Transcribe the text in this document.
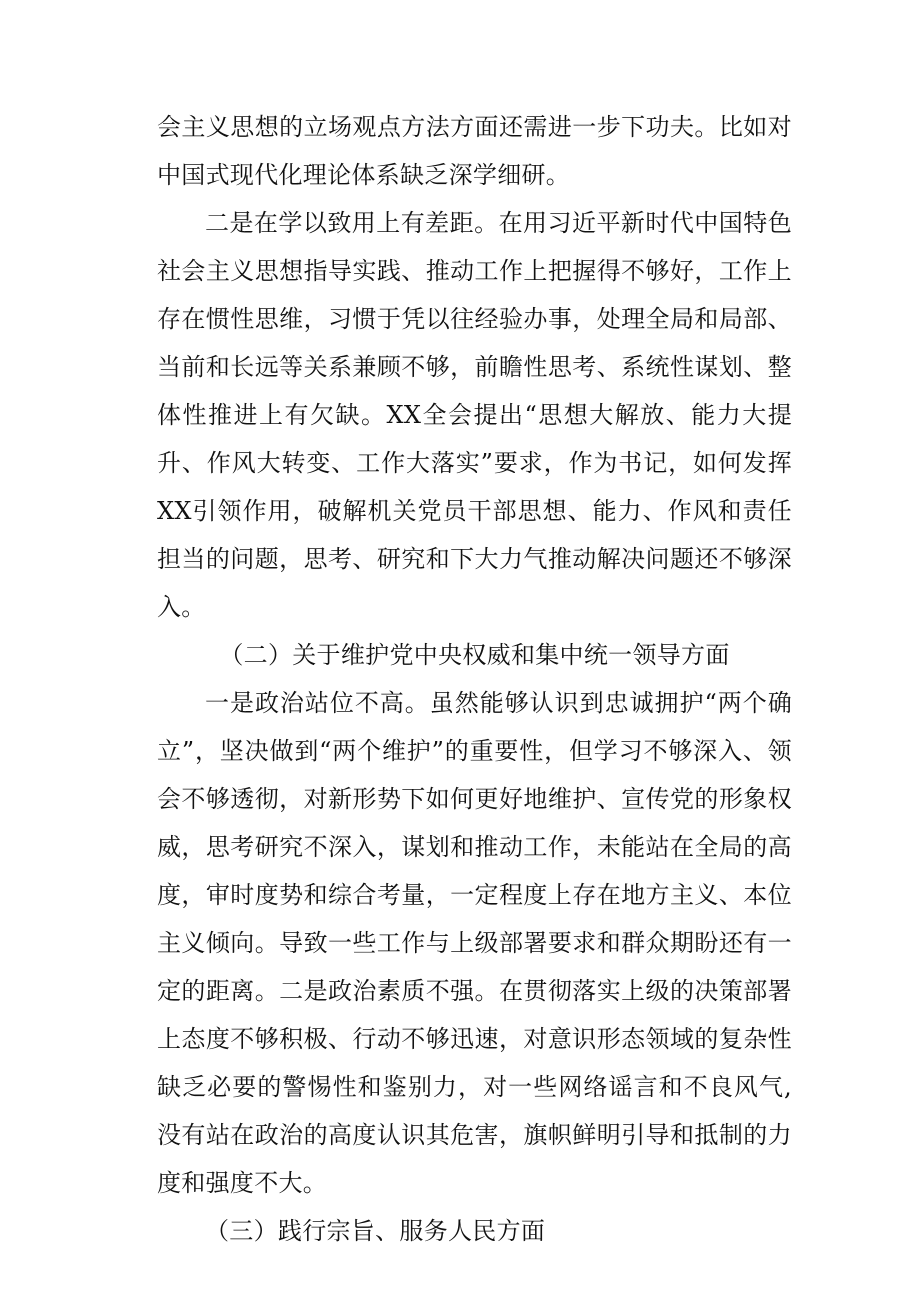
会主义思想的立场观点方法方面还需进一步下功夫。比如对中国式现代化理论体系缺乏深学细研。

二是在学以致用上有差距。在用习近平新时代中国特色社会主义思想指导实践、推动工作上把握得不够好，工作上存在惯性思维，习惯于凭以往经验办事，处理全局和局部、当前和长远等关系兼顾不够，前瞻性思考、系统性谋划、整体性推进上有欠缺。XX全会提出“思想大解放、能力大提升、作风大转变、工作大落实”要求，作为书记，如何发挥XX引领作用，破解机关党员干部思想、能力、作风和责任担当的问题，思考、研究和下大力气推动解决问题还不够深入。

（二）关于维护党中央权威和集中统一领导方面

一是政治站位不高。虽然能够认识到忠诚拥护“两个确立”，坚决做到“两个维护”的重要性，但学习不够深入、领会不够透彻，对新形势下如何更好地维护、宣传党的形象权威，思考研究不深入，谋划和推动工作，未能站在全局的高度，审时度势和综合考量，一定程度上存在地方主义、本位主义倾向。导致一些工作与上级部署要求和群众期盼还有一定的距离。二是政治素质不强。在贯彻落实上级的决策部署上态度不够积极、行动不够迅速，对意识形态领域的复杂性缺乏必要的警惕性和鉴别力，对一些网络谣言和不良风气,没有站在政治的高度认识其危害，旗帜鲜明引导和抵制的力度和强度不大。

（三）践行宗旨、服务人民方面
